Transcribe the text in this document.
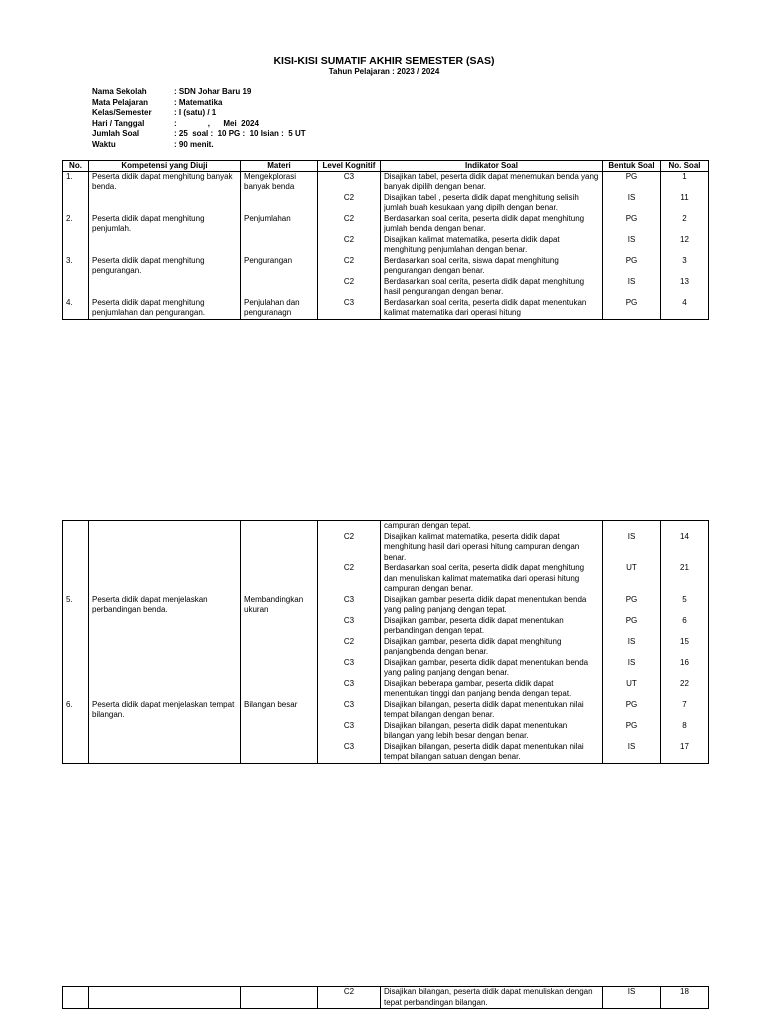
KISI-KISI SUMATIF AKHIR SEMESTER (SAS)
Tahun Pelajaran : 2023 / 2024
Nama Sekolah	: SDN Johar Baru 19
Mata Pelajaran	: Matematika
Kelas/Semester	: I (satu) / 1
Hari / Tanggal	:              ,      Mei  2024
Jumlah Soal	: 25  soal :  10 PG :  10 Isian :  5 UT
Waktu	: 90 menit.
No.	Kompetensi yang Diuji	Materi	Level Kognitif	Indikator Soal	Bentuk Soal	No. Soal
1.	Peserta didik dapat menghitung banyak benda.	Mengekplorasi banyak benda	C3	Disajikan tabel, peserta didik dapat menemukan benda yang banyak dipilih dengan benar.	PG	1
			C2	Disajikan tabel , peserta didik dapat menghitung selisih jumlah buah kesukaan yang dipilh dengan benar.	IS	11
2.	Peserta didik dapat menghitung penjumlah.	Penjumlahan	C2	Berdasarkan soal cerita, peserta didik dapat menghitung jumlah benda dengan benar.	PG	2
			C2	Disajikan kalimat matematika, peserta didik dapat menghitung penjumlahan dengan benar.	IS	12
3.	Peserta didik dapat menghitung pengurangan.	Pengurangan	C2	Berdasarkan soal cerita, siswa dapat menghitung pengurangan dengan benar.	PG	3
			C2	Berdasarkan soal cerita, peserta didik dapat menghitung hasil pengurangan dengan benar.	IS	13
4.	Peserta didik dapat menghitung penjumlahan dan pengurangan.	Penjulahan dan penguranagn	C3	Berdasarkan soal cerita, peserta didik dapat menentukan kalimat matematika dari operasi hitung	PG	4
				campuran dengan tepat.		
			C2	Disajikan kalimat matematika, peserta didik dapat menghitung hasil dari operasi hitung campuran dengan benar.	IS	14
			C2	Berdasarkan soal cerita, peserta didik dapat menghitung dan menuliskan kalimat matematika dari operasi hitung campuran dengan benar.	UT	21
5.	Peserta didik dapat menjelaskan perbandingan benda.	Membandingkan ukuran	C3	Disajikan gambar peserta didik dapat menentukan benda yang paling panjang dengan tepat.	PG	5
			C3	Disajikan gambar, peserta didik dapat menentukan perbandingan dengan tepat.	PG	6
			C2	Disajikan gambar, peserta didik dapat menghitung panjangbenda dengan benar.	IS	15
			C3	Disajikan gambar, peserta didik dapat menentukan benda yang paling panjang dengan benar.	IS	16
			C3	Disajikan beberapa gambar, peserta didik dapat menentukan tinggi dan panjang benda dengan tepat.	UT	22
6.	Peserta didik dapat menjelaskan tempat bilangan.	Bilangan besar	C3	Disajikan bilangan, peserta didik dapat menentukan nilai tempat bilangan dengan benar.	PG	7
			C3	Disajikan bilangan, peserta didik dapat menentukan bilangan yang lebih besar dengan benar.	PG	8
			C3	Disajikan bilangan, peserta didik dapat menentukan nilai tempat bilangan satuan dengan benar.	IS	17
			C2	Disajikan bilangan, peserta didik dapat menuliskan dengan tepat perbandingan bilangan.	IS	18
